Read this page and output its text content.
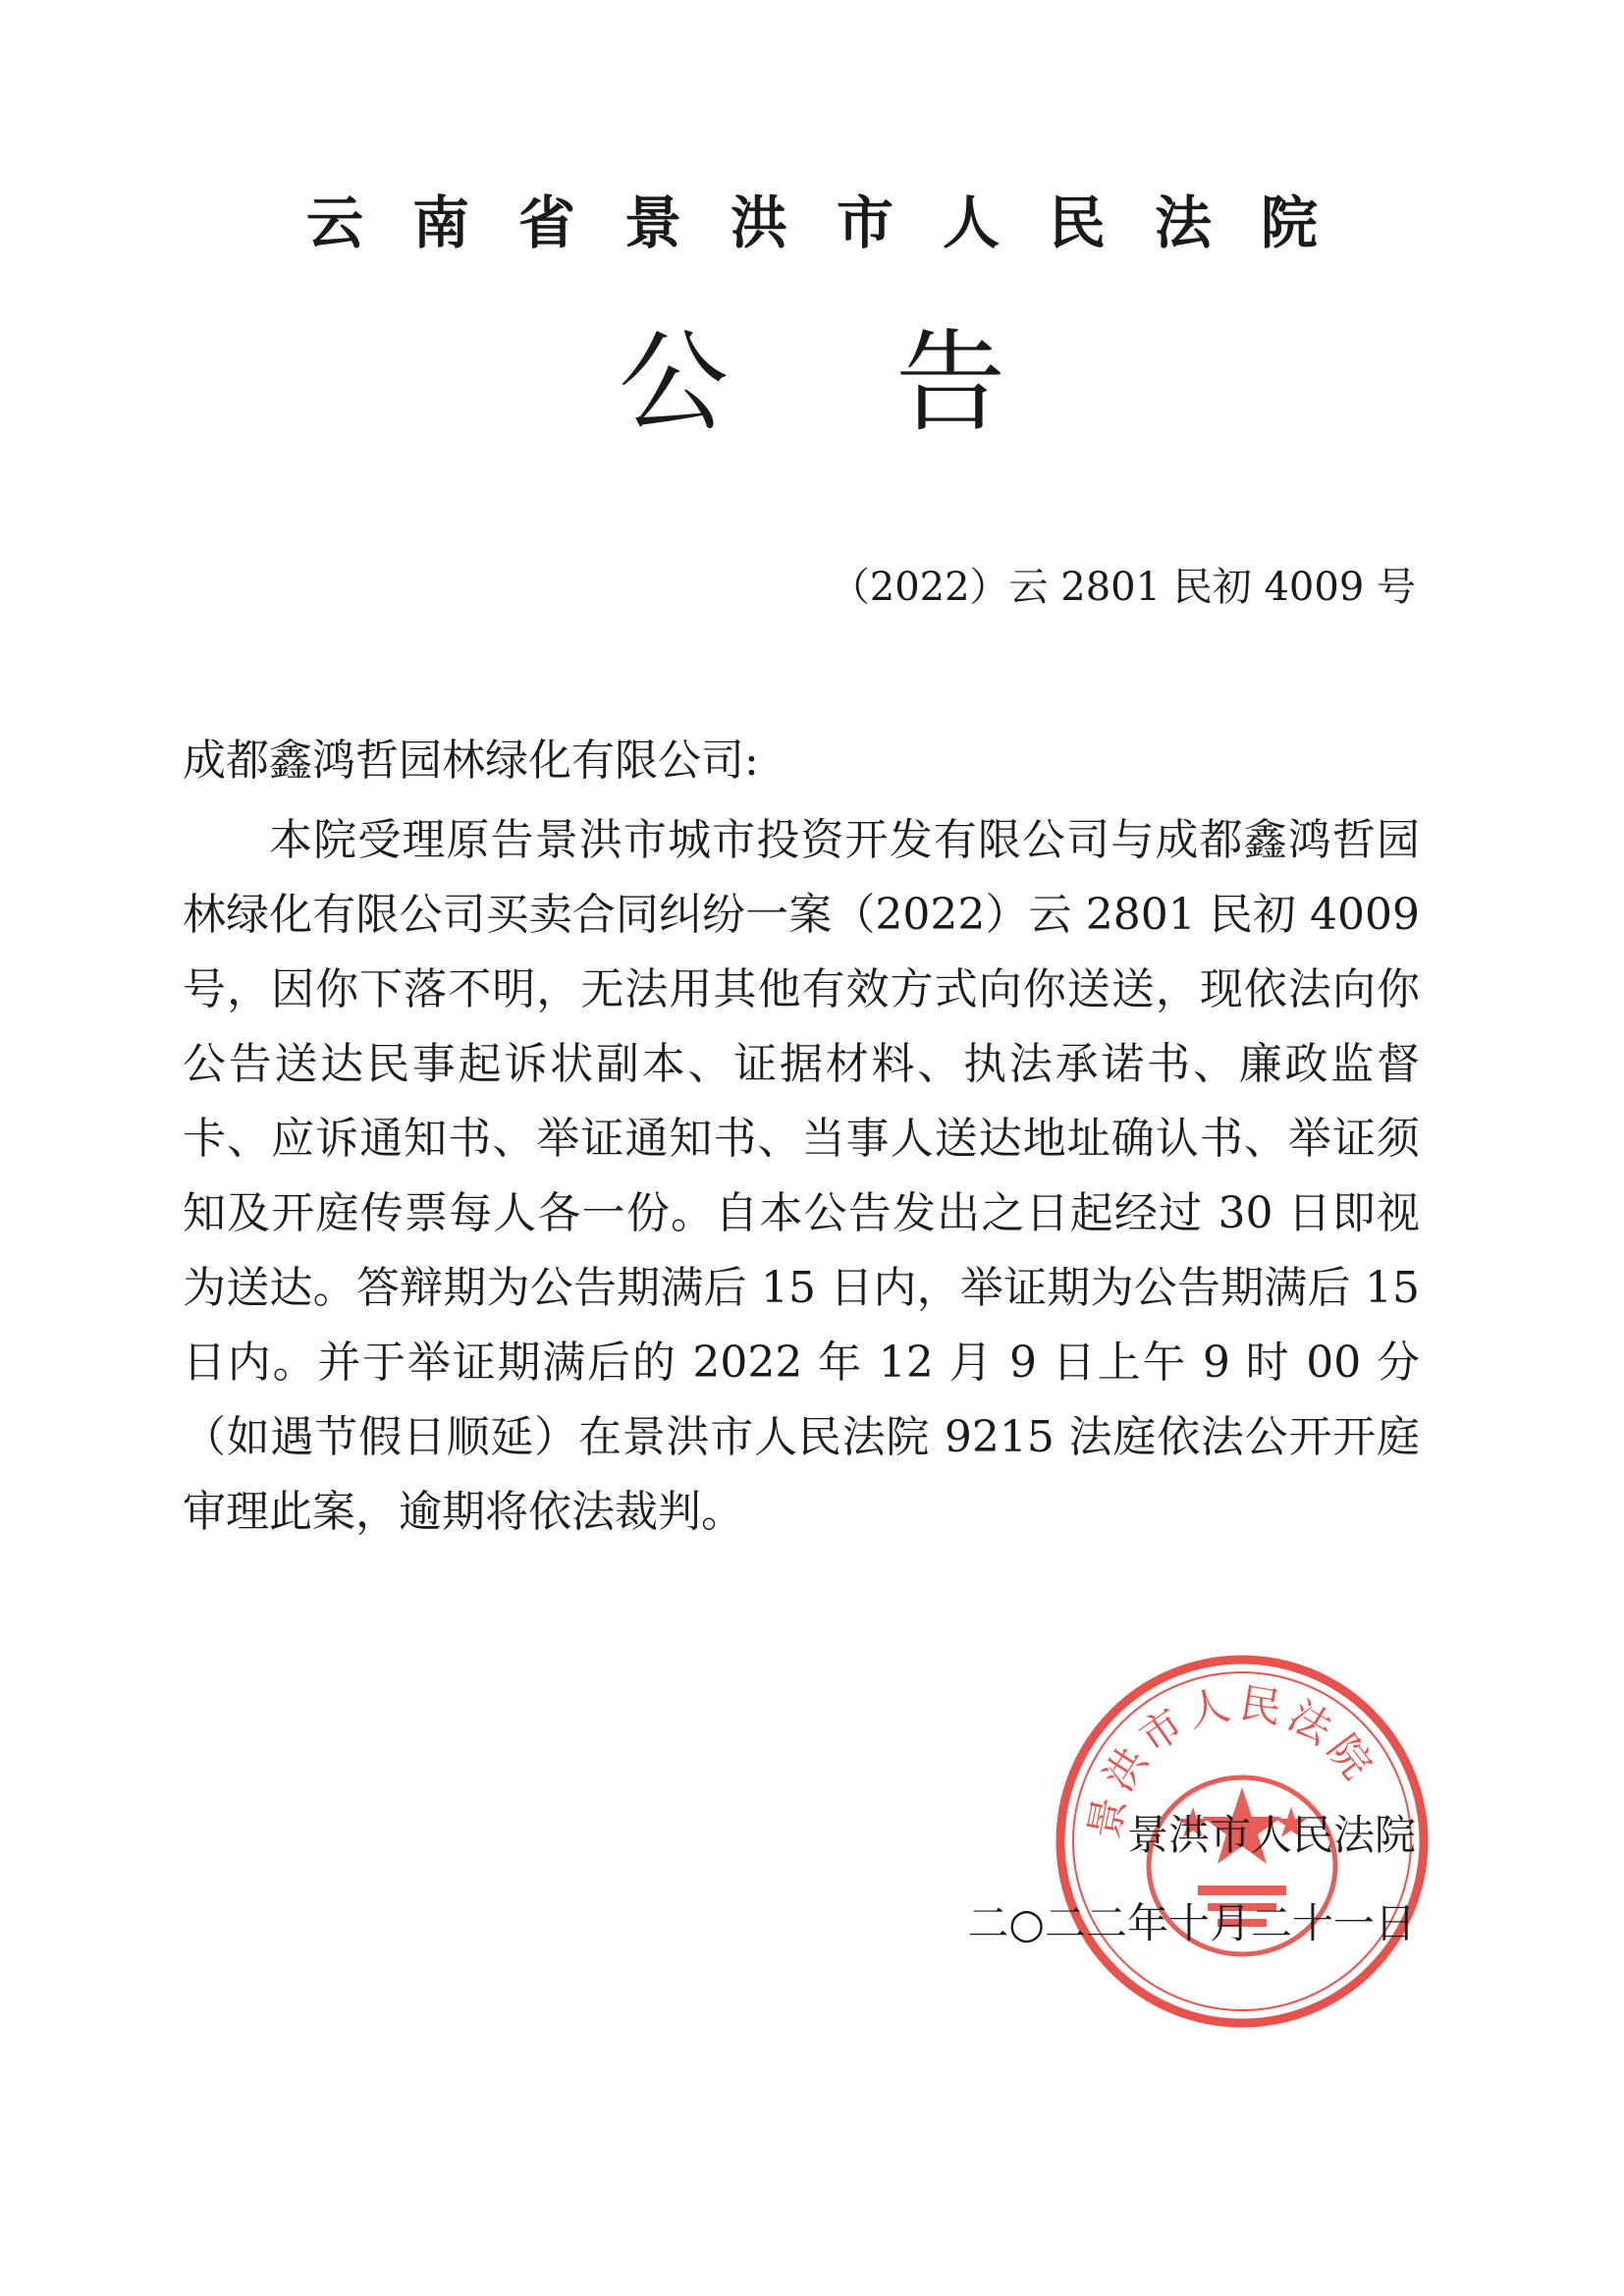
云南省景洪市人民法院
公告
（2022）云 2801 民初 4009 号
成都鑫鸿哲园林绿化有限公司:
本院受理原告景洪市城市投资开发有限公司与成都鑫鸿哲园林绿化有限公司买卖合同纠纷一案（2022）云 2801 民初 4009 号，因你下落不明，无法用其他有效方式向你送送，现依法向你公告送达民事起诉状副本、证据材料、执法承诺书、廉政监督卡、应诉通知书、举证通知书、当事人送达地址确认书、举证须知及开庭传票每人各一份。自本公告发出之日起经过 30 日即视为送达。答辩期为公告期满后 15 日内，举证期为公告期满后 15 日内。并于举证期满后的 2022 年 12 月 9 日上午 9 时 00 分（如遇节假日顺延）在景洪市人民法院 9215 法庭依法公开开庭审理此案，逾期将依法裁判。
景洪市人民法院
景洪市人民法院
二○二二年十月二十一日
